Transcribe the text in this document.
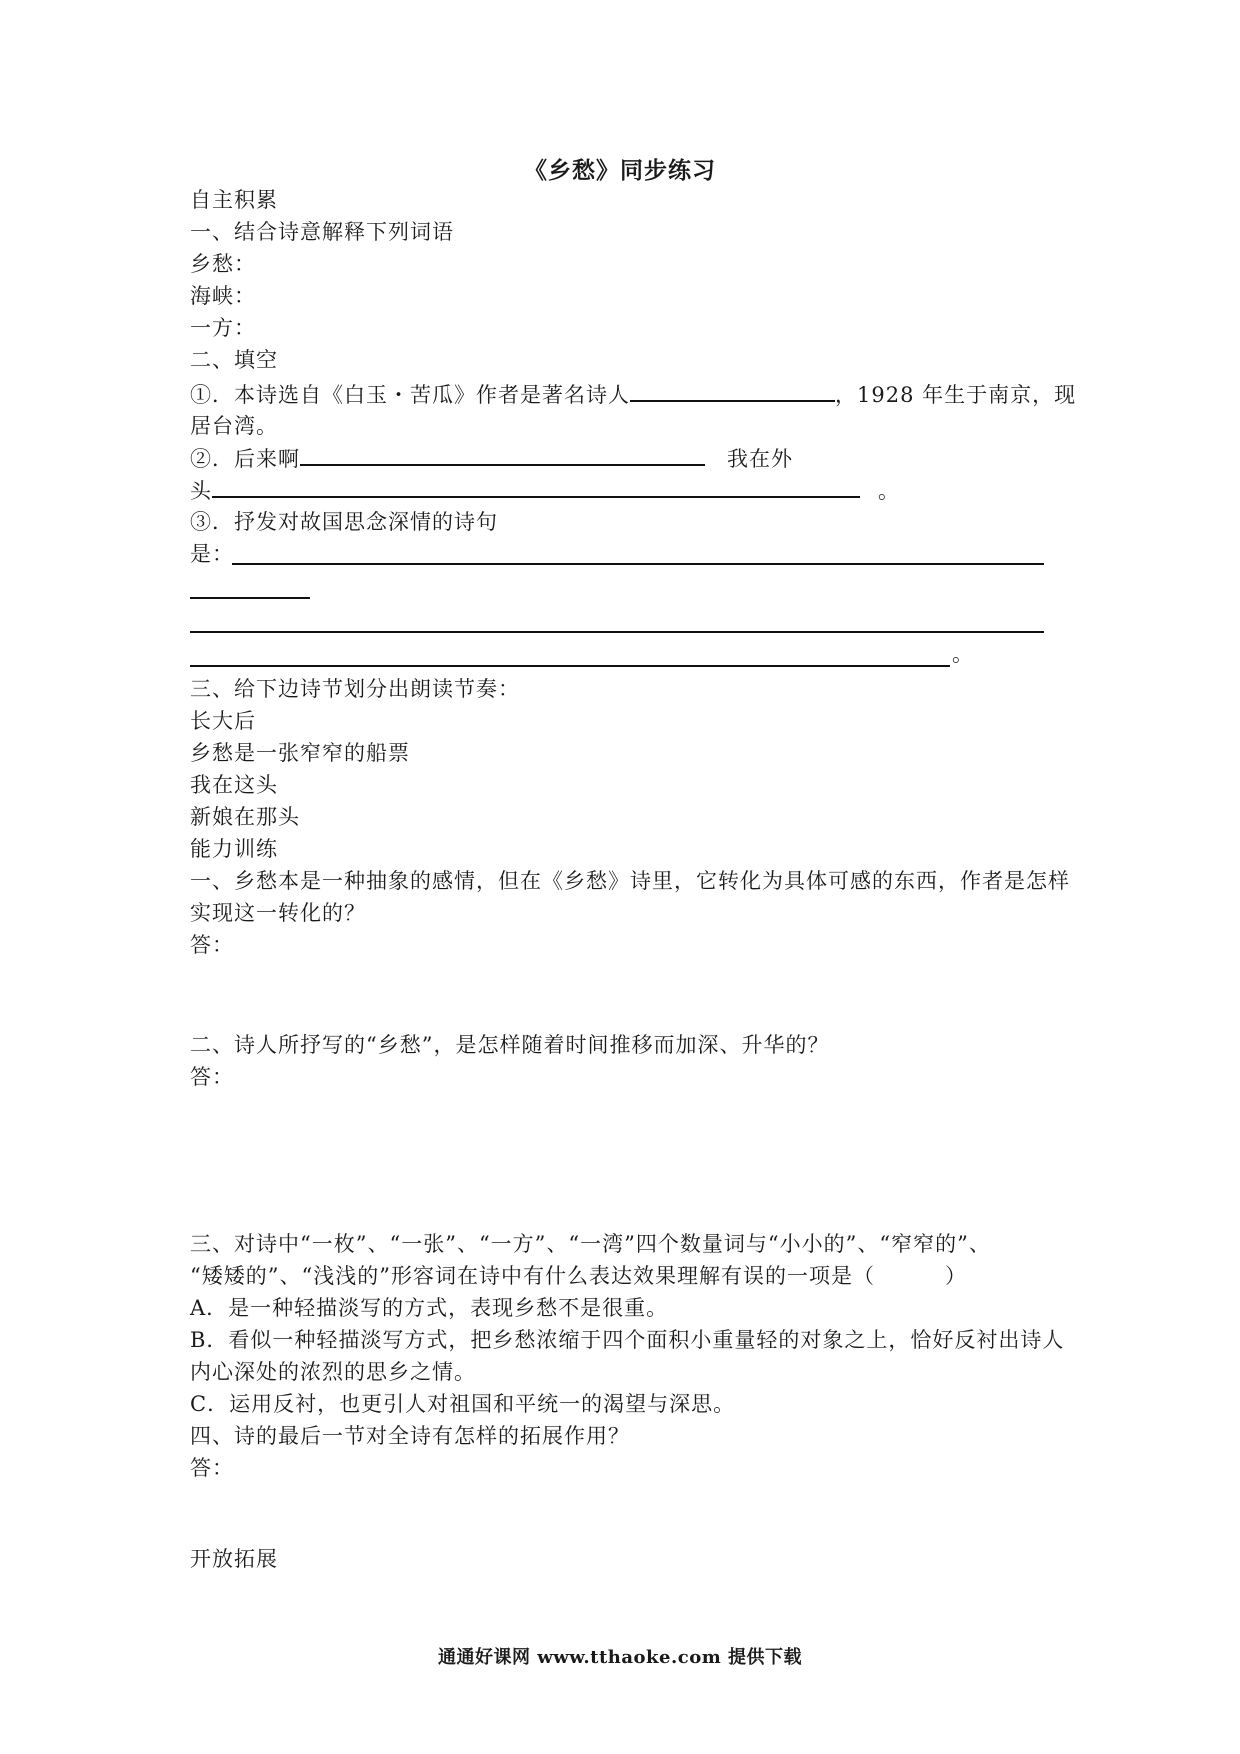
《乡愁》同步练习
自主积累
一、结合诗意解释下列词语
乡愁：
海峡：
一方：
二、填空
①．本诗选自《白玉・苦瓜》作者是著名诗人	，1928 年生于南京，现
居台湾。
②．后来啊	我在外
头	。
③．抒发对故国思念深情的诗句
是：
。
三、给下边诗节划分出朗读节奏：
长大后
乡愁是一张窄窄的船票
我在这头
新娘在那头
能力训练
一、乡愁本是一种抽象的感情，但在《乡愁》诗里，它转化为具体可感的东西，作者是怎样
实现这一转化的？
答：
二、诗人所抒写的“乡愁”，是怎样随着时间推移而加深、升华的？
答：
三、对诗中“一枚”、“一张”、“一方”、“一湾”四个数量词与“小小的”、“窄窄的”、
“矮矮的”、“浅浅的”形容词在诗中有什么表达效果理解有误的一项是（	）
A．是一种轻描淡写的方式，表现乡愁不是很重。
B．看似一种轻描淡写方式，把乡愁浓缩于四个面积小重量轻的对象之上，恰好反衬出诗人
内心深处的浓烈的思乡之情。
C．运用反衬，也更引人对祖国和平统一的渴望与深思。
四、诗的最后一节对全诗有怎样的拓展作用？
答：
开放拓展
通通好课网 www.tthaoke.com 提供下载
